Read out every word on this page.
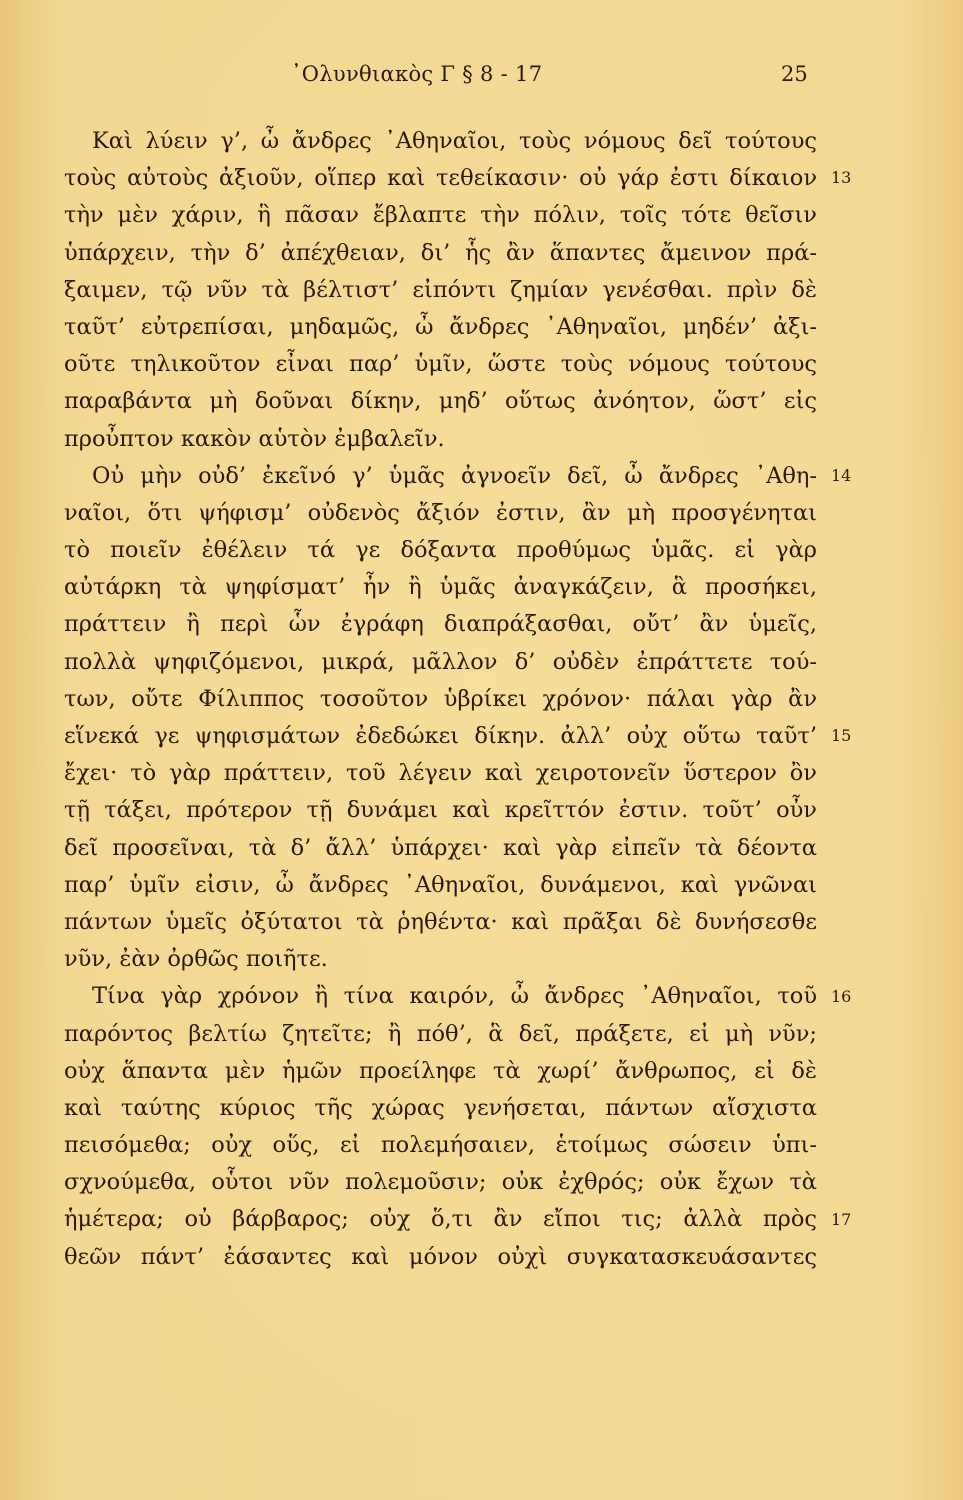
᾿Ολυνθιακὸς Γ § 8 - 17	25
Καὶ λύειν γ’, ὦ ἄνδρες ᾿Αθηναῖοι, τοὺς νόμους δεῖ τούτους
τοὺς αὐτοὺς ἀξιοῦν, οἵπερ καὶ τεθείκασιν· οὐ γάρ ἐστι δίκαιον
τὴν μὲν χάριν, ἣ πᾶσαν ἔβλαπτε τὴν πόλιν, τοῖς τότε θεῖσιν
ὑπάρχειν, τὴν δ’ ἀπέχθειαν, δι’ ἧς ἂν ἅπαντες ἄμεινον πρά-
ξαιμεν, τῷ νῦν τὰ βέλτιστ’ εἰπόντι ζημίαν γενέσθαι. πρὶν δὲ
ταῦτ’ εὐτρεπίσαι, μηδαμῶς, ὦ ἄνδρες ᾿Αθηναῖοι, μηδέν’ ἀξι-
οῦτε τηλικοῦτον εἶναι παρ’ ὑμῖν, ὥστε τοὺς νόμους τούτους
παραβάντα μὴ δοῦναι δίκην, μηδ’ οὕτως ἀνόητον, ὥστ’ εἰς
προὖπτον κακὸν αὑτὸν ἐμβαλεῖν.
Οὐ μὴν οὐδ’ ἐκεῖνό γ’ ὑμᾶς ἀγνοεῖν δεῖ, ὦ ἄνδρες ᾿Αθη-
ναῖοι, ὅτι ψήφισμ’ οὐδενὸς ἄξιόν ἐστιν, ἂν μὴ προσγένηται
τὸ ποιεῖν ἐθέλειν τά γε δόξαντα προθύμως ὑμᾶς. εἰ γὰρ
αὐτάρκη τὰ ψηφίσματ’ ἦν ἢ ὑμᾶς ἀναγκάζειν, ἃ προσήκει,
πράττειν ἢ περὶ ὧν ἐγράφη διαπράξασθαι, οὔτ’ ἂν ὑμεῖς,
πολλὰ ψηφιζόμενοι, μικρά, μᾶλλον δ’ οὐδὲν ἐπράττετε τού-
των, οὔτε Φίλιππος τοσοῦτον ὑβρίκει χρόνον· πάλαι γὰρ ἂν
εἵνεκά γε ψηφισμάτων ἐδεδώκει δίκην. ἀλλ’ οὐχ οὕτω ταῦτ’
ἔχει· τὸ γὰρ πράττειν, τοῦ λέγειν καὶ χειροτονεῖν ὕστερον ὂν
τῇ τάξει, πρότερον τῇ δυνάμει καὶ κρεῖττόν ἐστιν. τοῦτ’ οὖν
δεῖ προσεῖναι, τὰ δ’ ἄλλ’ ὑπάρχει· καὶ γὰρ εἰπεῖν τὰ δέοντα
παρ’ ὑμῖν εἰσιν, ὦ ἄνδρες ᾿Αθηναῖοι, δυνάμενοι, καὶ γνῶναι
πάντων ὑμεῖς ὀξύτατοι τὰ ῥηθέντα· καὶ πρᾶξαι δὲ δυνήσεσθε
νῦν, ἐὰν ὀρθῶς ποιῆτε.
Τίνα γὰρ χρόνον ἢ τίνα καιρόν, ὦ ἄνδρες ᾿Αθηναῖοι, τοῦ
παρόντος βελτίω ζητεῖτε; ἢ πόθ’, ἃ δεῖ, πράξετε, εἰ μὴ νῦν;
οὐχ ἅπαντα μὲν ἡμῶν προείληφε τὰ χωρί’ ἄνθρωπος, εἰ δὲ
καὶ ταύτης κύριος τῆς χώρας γενήσεται, πάντων αἴσχιστα
πεισόμεθα; οὐχ οὕς, εἰ πολεμήσαιεν, ἑτοίμως σώσειν ὑπι-
σχνούμεθα, οὗτοι νῦν πολεμοῦσιν; οὐκ ἐχθρός; οὐκ ἔχων τὰ
ἡμέτερα; οὐ βάρβαρος; οὐχ ὅ,τι ἂν εἴποι τις; ἀλλὰ πρὸς
θεῶν πάντ’ ἐάσαντες καὶ μόνον οὐχὶ συγκατασκευάσαντες
13
14
15
16
17
